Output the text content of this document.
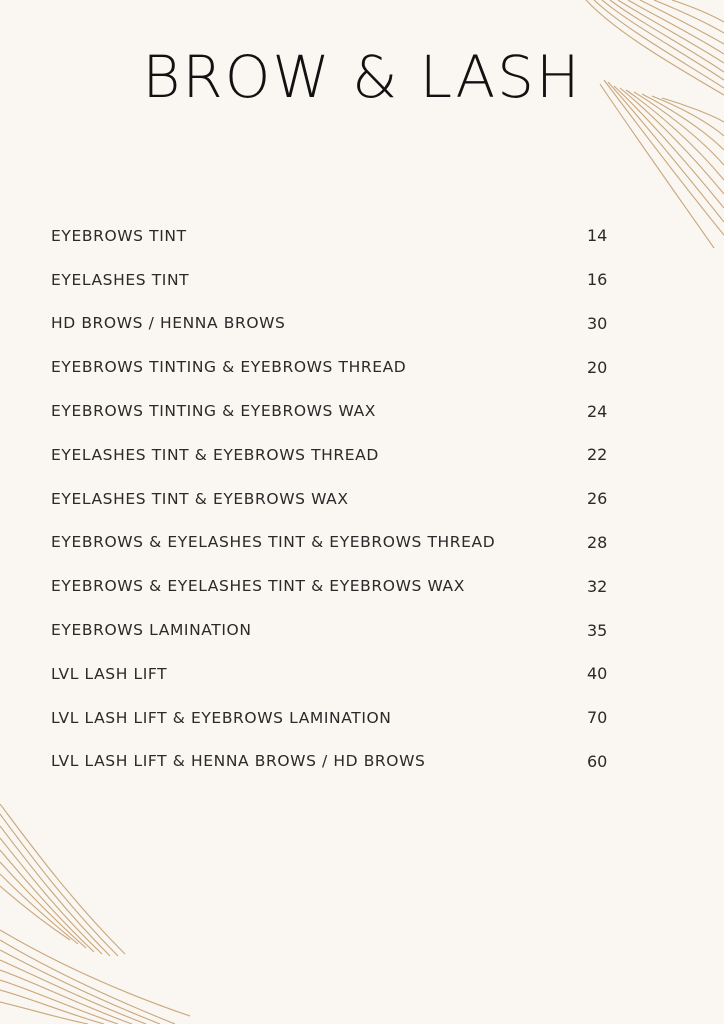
BROW & LASH
EYEBROWS TINT	14
EYELASHES TINT	16
HD BROWS / HENNA BROWS	30
EYEBROWS TINTING & EYEBROWS THREAD	20
EYEBROWS TINTING & EYEBROWS WAX	24
EYELASHES TINT & EYEBROWS THREAD	22
EYELASHES TINT & EYEBROWS WAX	26
EYEBROWS & EYELASHES TINT & EYEBROWS THREAD	28
EYEBROWS & EYELASHES TINT & EYEBROWS WAX	32
EYEBROWS LAMINATION	35
LVL LASH LIFT	40
LVL LASH LIFT & EYEBROWS LAMINATION	70
LVL LASH LIFT & HENNA BROWS / HD BROWS	60
